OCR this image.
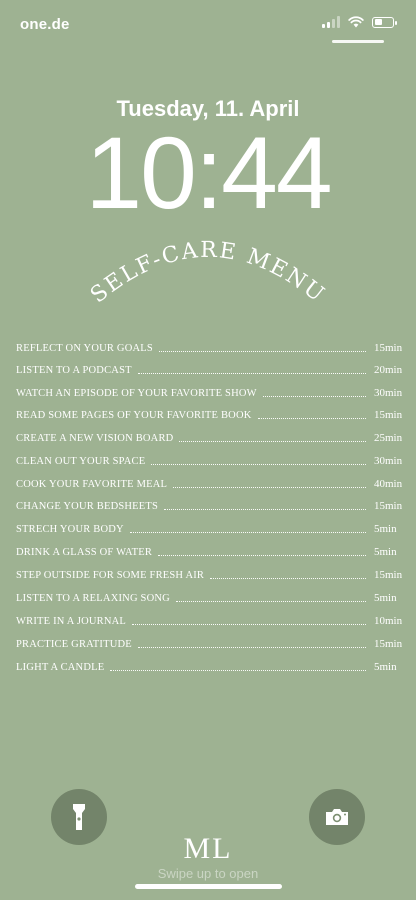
one.de
Tuesday, 11. April
10:44
SELF-CARE MENU
REFLECT ON YOUR GOALS	15min
LISTEN TO A PODCAST	20min
WATCH AN EPISODE OF YOUR FAVORITE SHOW	30min
READ SOME PAGES OF YOUR FAVORITE BOOK	15min
CREATE A NEW VISION BOARD	25min
CLEAN OUT YOUR SPACE	30min
COOK YOUR FAVORITE MEAL	40min
CHANGE YOUR BEDSHEETS	15min
STRECH YOUR BODY	5min
DRINK A GLASS OF WATER	5min
STEP OUTSIDE FOR SOME FRESH AIR	15min
LISTEN TO A RELAXING SONG	5min
WRITE IN A JOURNAL	10min
PRACTICE GRATITUDE	15min
LIGHT A CANDLE	5min
ML
Swipe up to open
